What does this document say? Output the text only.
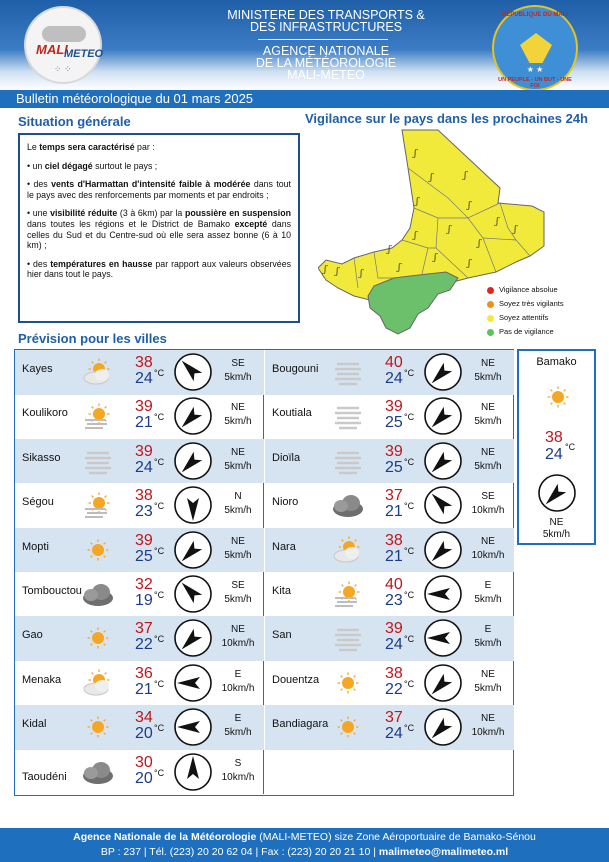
MALI
METEO
⁘ ⁘
MINISTERE DES TRANSPORTS &
DES INFRASTRUCTURES
AGENCE NATIONALE
DE LA MÉTÉOROLOGIE
MALI-METEO
RÉPUBLIQUE DU MALI
★ ★
UN PEUPLE - UN BUT - UNE FOI
Bulletin météorologique du 01 mars 2025
Situation générale

Le temps sera caractérisé par :

• un ciel dégagé surtout le pays ;

• des vents d'Harmattan d'intensité faible à modérée dans tout le pays avec des renforcements par moments et par endroits ;

• une visibilité réduite (3 à 6km) par la poussière en suspension dans toutes les régions et le District de Bamako excepté dans celles du Sud et du Centre-sud où elle sera assez bonne (6 à 10 km) ;

• des températures en hausse par rapport aux valeurs observées hier dans tout le pays.

Vigilance sur le pays dans les prochaines 24h
ʃ
ʃ	ʃ
ʃ	ʃ
ʃ
ʃ
ʃ
ʃ
ʃ
ʃ
ʃ
ʃ
ʃ ʃ
ʃ
ʃ
Vigilance absolue
Soyez très vigilants
Soyez attentifs
Pas de vigilance
Prévision pour les villes
Kayes	38
24 °C
SE
5km/h
Koulikoro	39
21 °C
NE
5km/h
Sikasso	39
24 °C
NE
5km/h
Ségou	38
23 °C
N
5km/h
Mopti	39
25 °C
NE
5km/h
Tombouctou	32
19 °C
SE
5km/h
Gao	37
22 °C
NE
10km/h
Menaka	36
21 °C
E
10km/h
Kidal	34
20 °C
E
5km/h
Taoudéni
30
20 °C
S
10km/h
Bougouni	40
24 °C
NE
5km/h
Koutiala	39
25 °C
NE
5km/h
Dioïla	39
25 °C
NE
5km/h
Nioro	37
21 °C
SE
10km/h
Nara	38
21 °C
NE
10km/h
Kita	40
23 °C
E
5km/h
San	39
24 °C
E
5km/h
Douentza	38
22 °C
NE
5km/h
Bandiagara	37
24 °C
NE
10km/h
Bamako
38
°C
24
NE
5km/h
Agence Nationale de la Météorologie (MALI-METEO) size Zone Aéroportuaire de Bamako-Sénou
BP : 237 | Tél. (223) 20 20 62 04 | Fax : (223) 20 20 21 10 | malimeteo@malimeteo.ml
